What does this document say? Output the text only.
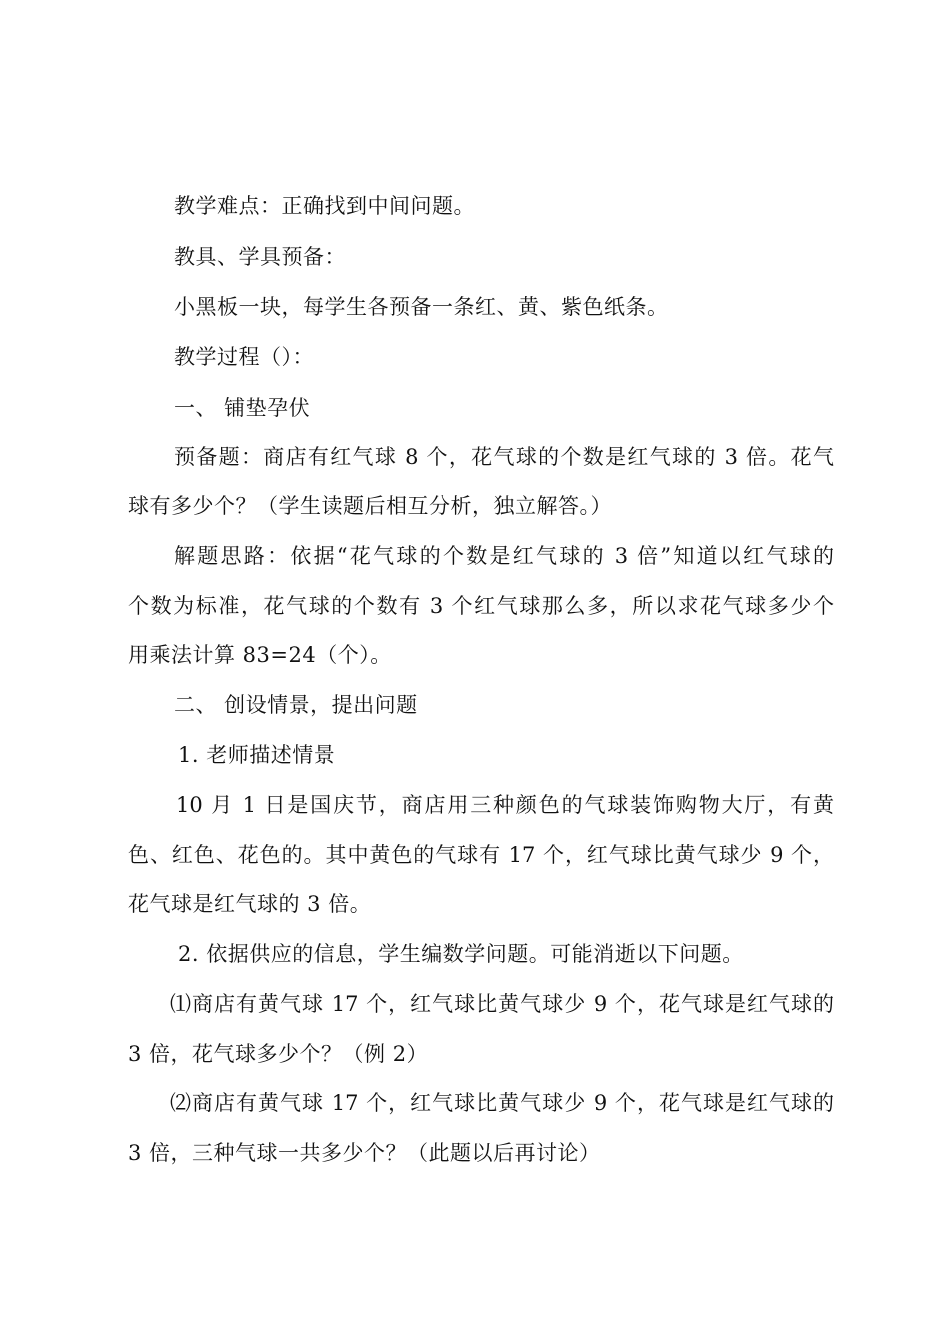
教学难点：正确找到中间问题。
教具、学具预备：
小黑板一块，每学生各预备一条红、黄、紫色纸条。
教学过程（）：
一、 铺垫孕伏
预备题：商店有红气球 8 个，花气球的个数是红气球的 3 倍。花气
球有多少个？（学生读题后相互分析，独立解答。）
解题思路：依据“花气球的个数是红气球的 3 倍”知道以红气球的
个数为标准，花气球的个数有 3 个红气球那么多，所以求花气球多少个
用乘法计算 83=24（个）。
二、 创设情景，提出问题
1. 老师描述情景
10 月 1 日是国庆节，商店用三种颜色的气球装饰购物大厅，有黄
色、红色、花色的。其中黄色的气球有 17 个，红气球比黄气球少 9 个，
花气球是红气球的 3 倍。
2. 依据供应的信息，学生编数学问题。可能消逝以下问题。
⑴商店有黄气球 17 个，红气球比黄气球少 9 个，花气球是红气球的
3 倍，花气球多少个？（例 2）
⑵商店有黄气球 17 个，红气球比黄气球少 9 个，花气球是红气球的
3 倍，三种气球一共多少个？（此题以后再讨论）
